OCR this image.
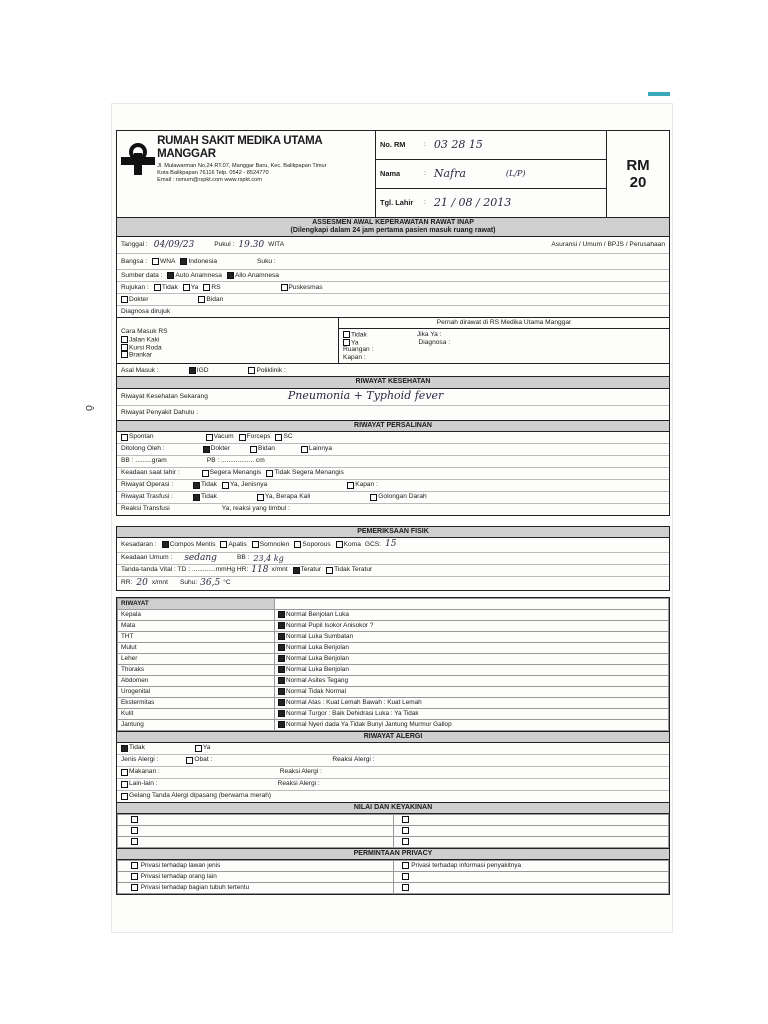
ô
RUMAH SAKIT MEDIKA UTAMA MANGGAR
Jl. Mulawarman No.24 RT.07, Manggar Baru, Kec. Balikpapan Timur
Kota Balikpapan 76116 Telp. 0542 - 8524770
Email : rsmum@rspkt.com www.rspkt.com
No. RM	: 03 28 15
Nama	: Nafra	(L/P)
Tgl. Lahir	: 21 / 08 / 2013
RM
20
ASSESMEN AWAL KEPERAWATAN RAWAT INAP
(Dilengkapi dalam 24 jam pertama pasien masuk ruang rawat)
Tanggal : 04/09/23	Pukul : 19.30 WITA	Asuransi / Umum / BPJS / Perusahaan
Bangsa : WNA Indonesia	Suku :
Sumber data : Auto Anamnesa Allo Anamnesa
Rujukan : Tidak Ya RS	Puskesmas
Dokter	Bidan
Diagnosa dirujuk
Cara Masuk RS
Jalan Kaki
Kursi Roda
Brankar
Pernah dirawat di RS Medika Utama Manggar
Tidak	Jika Ya :
Ya	Diagnosa :
Ruangan :
Kapan :
Asal Masuk :	IGD	Poliklinik :
RIWAYAT KESEHATAN
Riwayat Kesehatan Sekarang	Pneumonia + Typhoid fever
Riwayat Penyakit Dahulu :
RIWAYAT PERSALINAN
Spontan	Vacum Forceps SC
Ditolong Oleh :	Dokter	Bidan	Lainnya
BB : .........gram	PB : .................. cm
Keadaan saat lahir :	Segera Menangis Tidak Segera Menangis
Riwayat Operasi :	Tidak Ya, Jenisnya	Kapan :
Riwayat Trasfusi :	Tidak	Ya, Berapa Kali	Golongan Darah
Reaksi Transfusi	Ya, reaksi yang timbul :
PEMERIKSAAN FISIK
Kesadaran : Compos Mentis Apatis Somnolen Soporous Koma GCS: 15
Keadaan Umum : sedang	BB : 23,4 kg
Tanda-tanda Vital : TD : .............mmHg HR: 118 x/mnt Teratur Tidak Teratur
RR: 20 x/mnt Suhu: 36,5 °C
RIWAYAT	
Kepala	Normal Benjolan Luka
Mata	Normal Pupil Isokor Anisokor ?
THT	Normal Luka Sumbatan
Mulut	Normal Luka Benjolan
Leher	Normal Luka Benjolan
Thoraks	Normal Luka Benjolan
Abdomen	Normal Asites Tegang
Urogenital	Normal Tidak Normal
Ekstermitas	Normal Atas : Kuat Lemah Bawah : Kuat Lemah
Kulit	Normal Turgor : Baik Dehidrasi Luka : Ya Tidak
Jantung	Normal Nyeri dada Ya Tidak Bunyi Jantung Murmur Gallop
RIWAYAT ALERGI
Tidak	Ya
Jenis Alergi :	Obat :	Reaksi Alergi :
Makanan :	Reaksi Alergi :
Lain-lain :	Reaksi Alergi :
Gelang Tanda Alergi dipasang (berwarna merah)
NILAI DAN KEYAKINAN

PERMINTAAN PRIVACY
Privasi terhadap lawan jenis	Privasi terhadap informasi penyakitnya
Privasi terhadap orang lain	
Privasi terhadap bagian tubuh tertentu	
